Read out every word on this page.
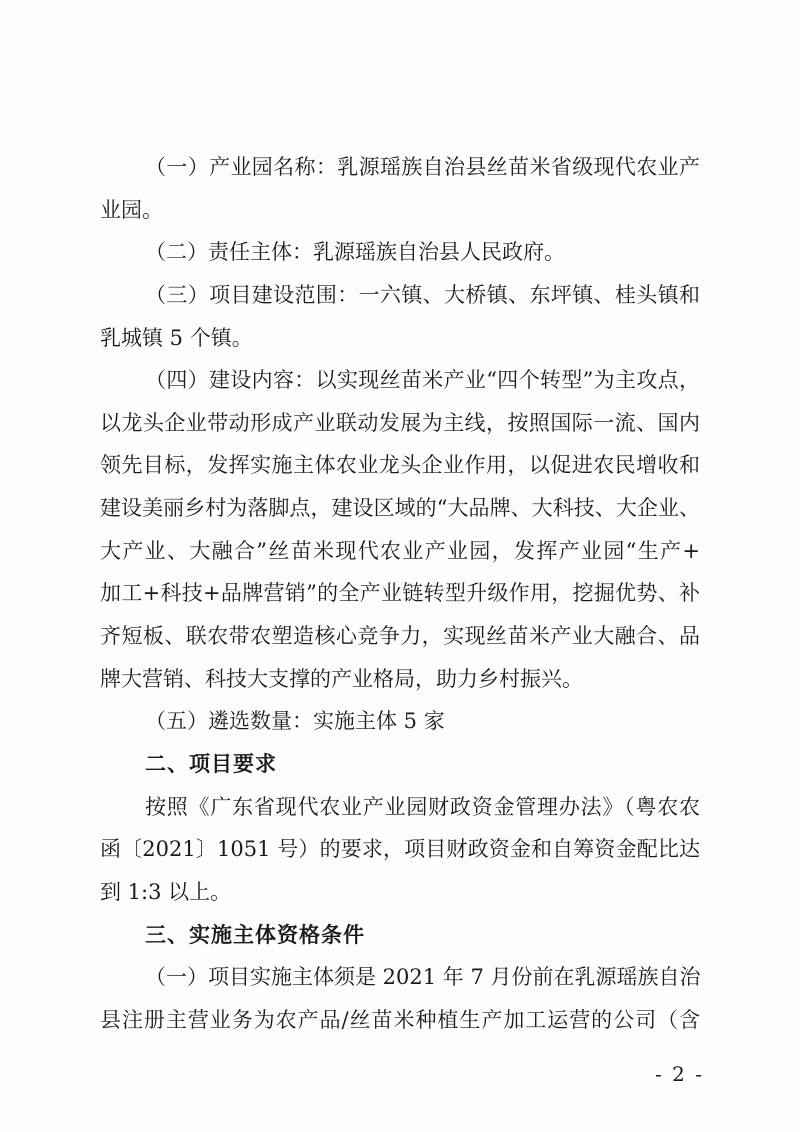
（一）产业园名称：乳源瑶族自治县丝苗米省级现代农业产
业园。
（二）责任主体：乳源瑶族自治县人民政府。
（三）项目建设范围：一六镇、大桥镇、东坪镇、桂头镇和
乳城镇 5 个镇。
（四）建设内容：以实现丝苗米产业“四个转型”为主攻点，
以龙头企业带动形成产业联动发展为主线，按照国际一流、国内
领先目标，发挥实施主体农业龙头企业作用，以促进农民增收和
建设美丽乡村为落脚点，建设区域的“大品牌、大科技、大企业、
大产业、大融合”丝苗米现代农业产业园，发挥产业园“生产+
加工+科技+品牌营销”的全产业链转型升级作用，挖掘优势、补
齐短板、联农带农塑造核心竞争力，实现丝苗米产业大融合、品
牌大营销、科技大支撑的产业格局，助力乡村振兴。
（五）遴选数量：实施主体 5 家
二、项目要求
按照《广东省现代农业产业园财政资金管理办法》（粤农农
函〔2021〕1051 号）的要求，项目财政资金和自筹资金配比达
到 1:3 以上。
三、实施主体资格条件
（一）项目实施主体须是 2021 年 7 月份前在乳源瑶族自治
县注册主营业务为农产品/丝苗米种植生产加工运营的公司（含
- 2 -
